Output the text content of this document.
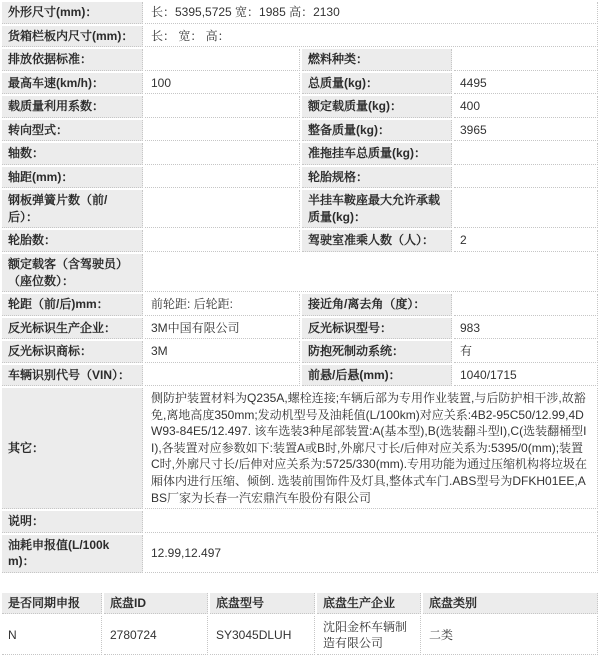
外形尺寸(mm)：	长：5395,5725 宽：1985 高：2130		
货箱栏板内尺寸(mm)：	长： 宽： 高：		
排放依据标准：		燃料种类：	
最高车速(km/h)：	100	总质量(kg)：	4495
载质量利用系数：		额定载质量(kg)：	400
转向型式：		整备质量(kg)：	3965
轴数：		准拖挂车总质量(kg)：	
轴距(mm)：		轮胎规格：	
钢板弹簧片数（前/后）：		半挂车鞍座最大允许承载质量(kg)：	
轮胎数：		驾驶室准乘人数（人）：	2
额定载客（含驾驶员）（座位数）：			
轮距（前/后)mm：	前轮距: 后轮距:	接近角/离去角（度）：	
反光标识生产企业：	3M中国有限公司	反光标识型号：	983
反光标识商标：	3M	防抱死制动系统：	有
车辆识别代号（VIN）：		前悬/后悬(mm)：	1040/1715
其它：	侧防护装置材料为Q235A,螺栓连接;车辆后部为专用作业装置,与后防护相干涉,故豁免,离地高度350mm;发动机型号及油耗值(L/100km)对应关系:4B2-95C50/12.99,4DW93-84E5/12.497. 该车选装3种尾部装置:A(基本型),B(选装翻斗型I),C(选装翻桶型II),各装置对应参数如下:装置A或B时,外廓尺寸长/后伸对应关系为:5395/0(mm);装置C时,外廓尺寸长/后伸对应关系为:5725/330(mm).专用功能为通过压缩机构将垃圾在厢体内进行压缩、倾倒. 选装前围饰件及灯具,整体式车门.ABS型号为DFKH01EE,ABS厂家为长春一汽宏鼎汽车股份有限公司		
说明：			
油耗申报值(L/100km)：	12.99,12.497		
是否同期申报	底盘ID	底盘型号	底盘生产企业	底盘类别
N	2780724	SY3045DLUH	沈阳金杯车辆制造有限公司	二类
